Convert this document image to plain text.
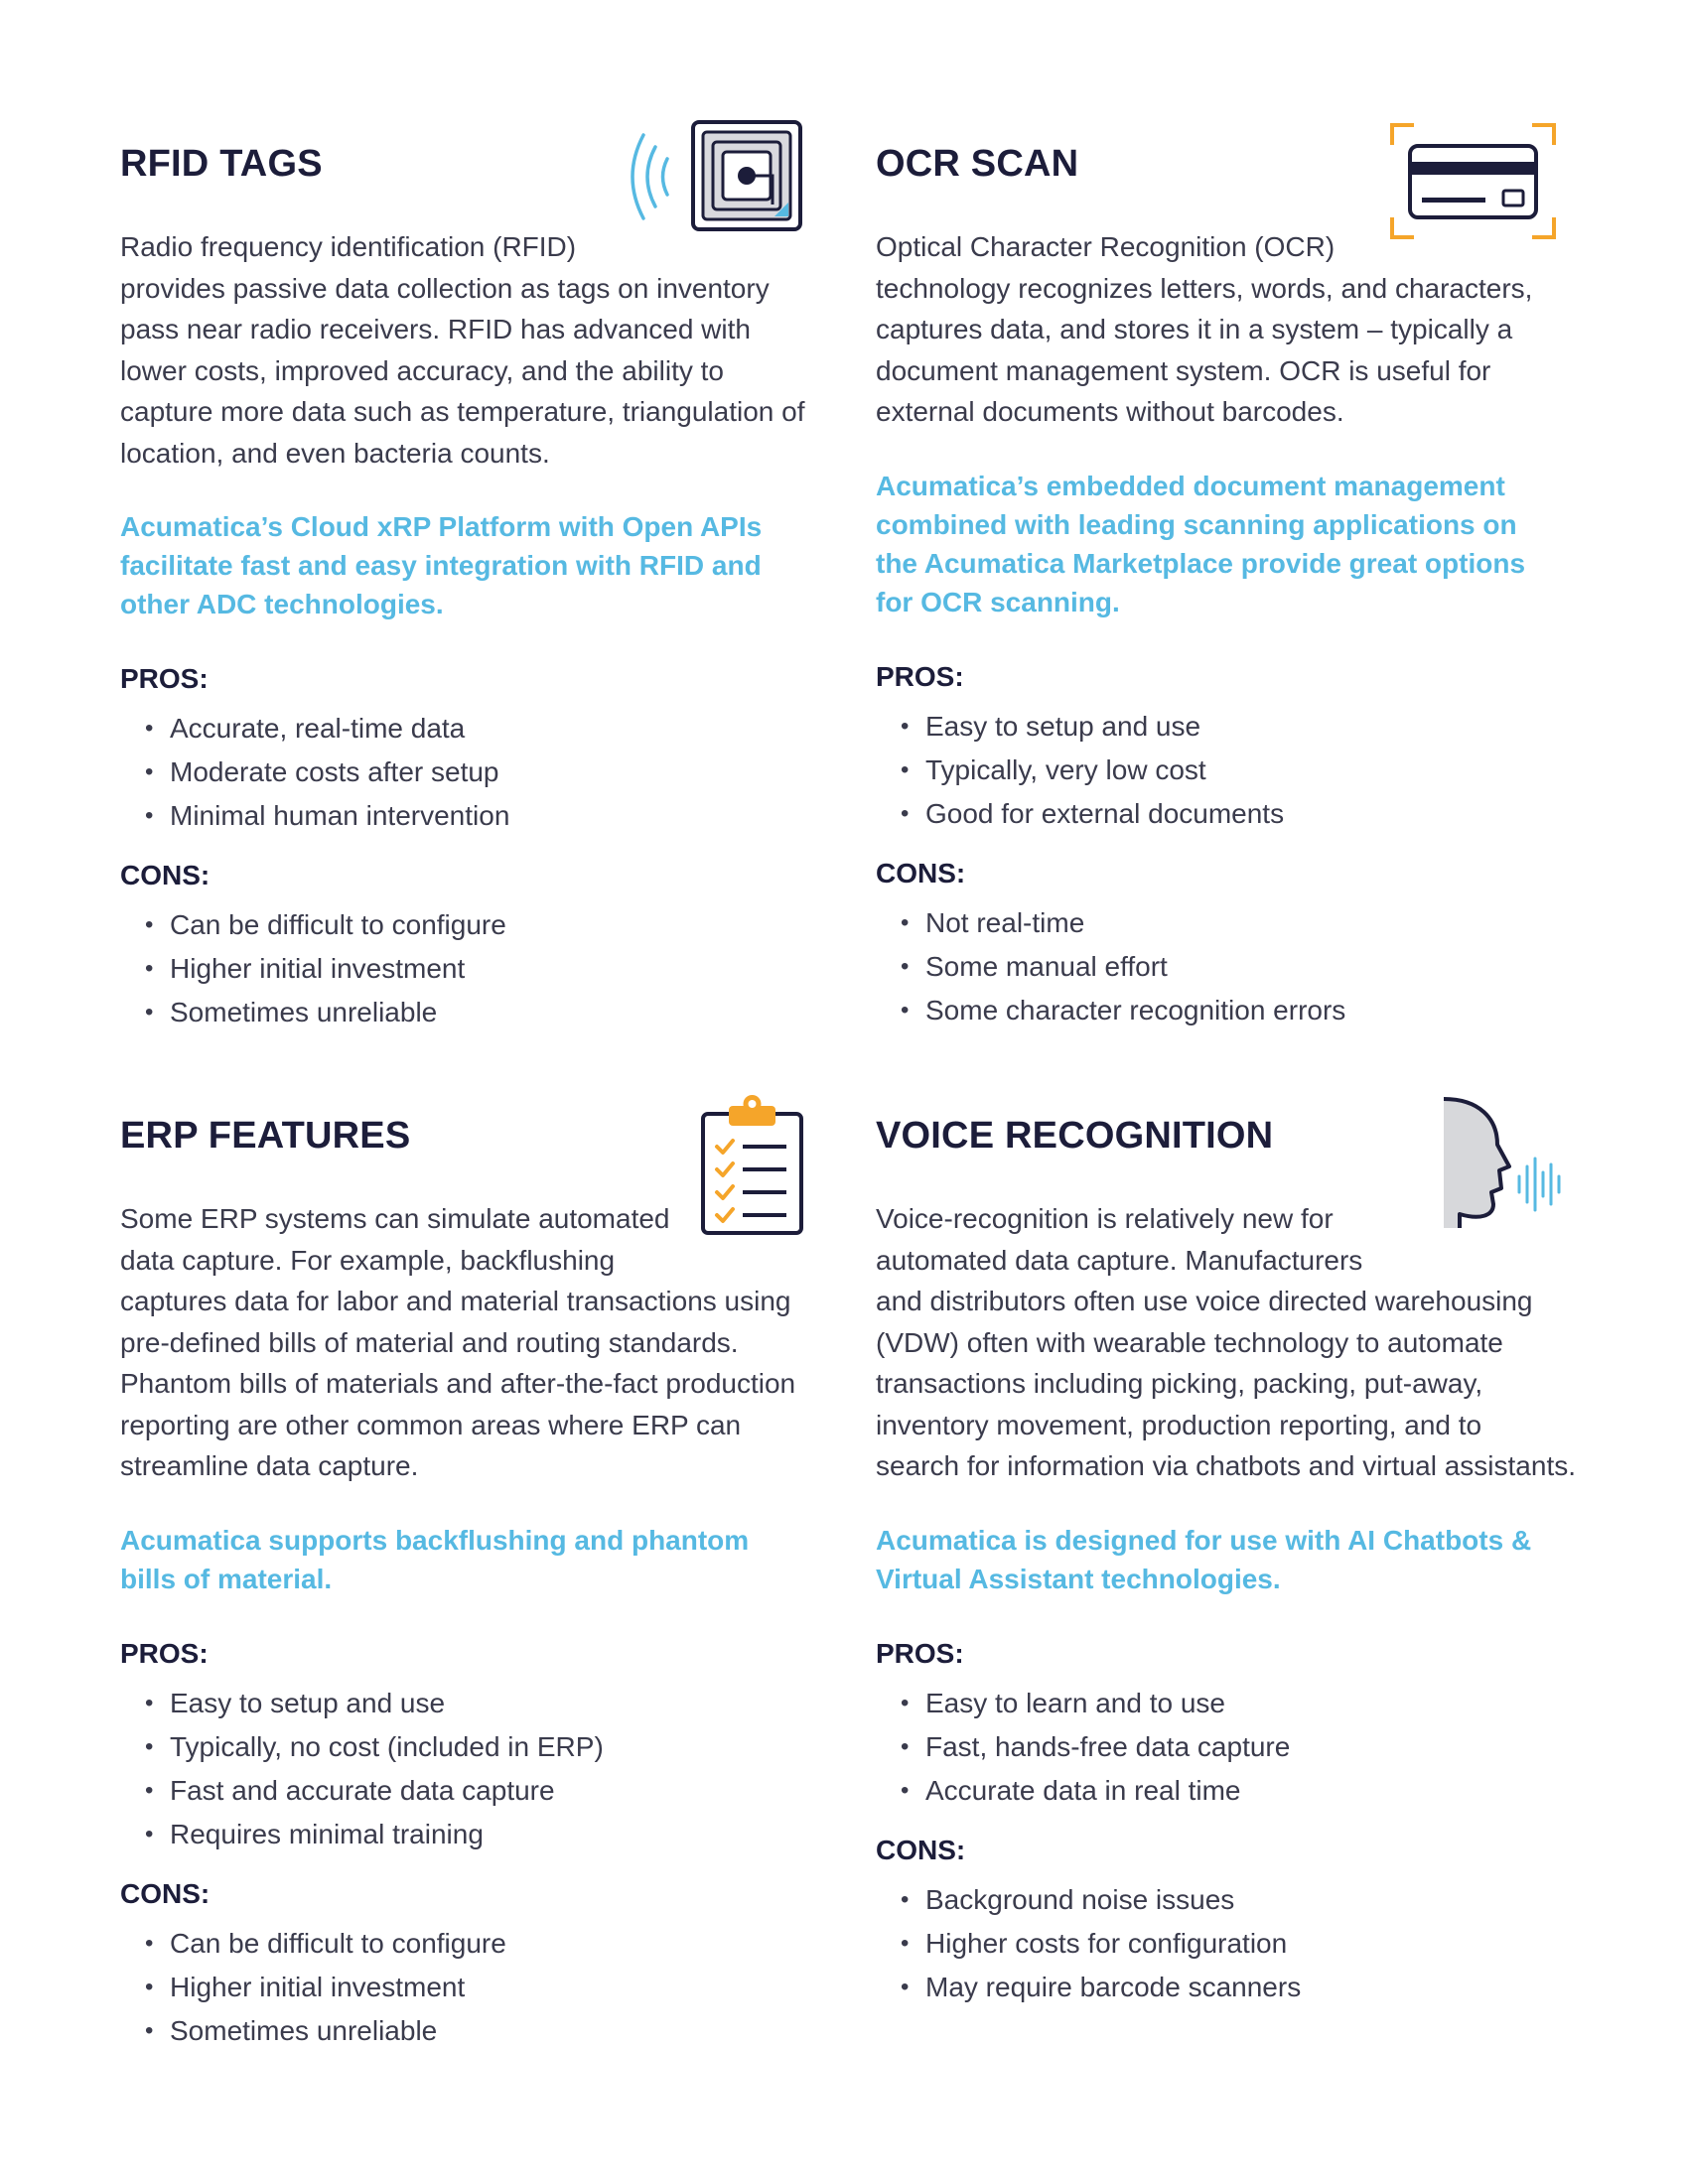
RFID TAGS

Radio frequency identification (RFID)
provides passive data collection as tags on inventory
pass near radio receivers. RFID has advanced with
lower costs, improved accuracy, and the ability to
capture more data such as temperature, triangulation of
location, and even bacteria counts.

Acumatica’s Cloud xRP Platform with Open APIs
facilitate fast and easy integration with RFID and
other ADC technologies.

PROS:
• Accurate, real-time data
• Moderate costs after setup
• Minimal human intervention
CONS:
• Can be difficult to configure
• Higher initial investment
• Sometimes unreliable
OCR SCAN

Optical Character Recognition (OCR)
technology recognizes letters, words, and characters,
captures data, and stores it in a system – typically a
document management system. OCR is useful for
external documents without barcodes.

Acumatica’s embedded document management
combined with leading scanning applications on
the Acumatica Marketplace provide great options
for OCR scanning.

PROS:
• Easy to setup and use
• Typically, very low cost
• Good for external documents
CONS:
• Not real-time
• Some manual effort
• Some character recognition errors
ERP FEATURES

Some ERP systems can simulate automated
data capture. For example, backflushing
captures data for labor and material transactions using
pre-defined bills of material and routing standards.
Phantom bills of materials and after-the-fact production
reporting are other common areas where ERP can
streamline data capture.

Acumatica supports backflushing and phantom
bills of material.

PROS:
• Easy to setup and use
• Typically, no cost (included in ERP)
• Fast and accurate data capture
• Requires minimal training
CONS:
• Can be difficult to configure
• Higher initial investment
• Sometimes unreliable
VOICE RECOGNITION

Voice-recognition is relatively new for
automated data capture. Manufacturers
and distributors often use voice directed warehousing
(VDW) often with wearable technology to automate
transactions including picking, packing, put-away,
inventory movement, production reporting, and to
search for information via chatbots and virtual assistants.

Acumatica is designed for use with AI Chatbots &
Virtual Assistant technologies.

PROS:
• Easy to learn and to use
• Fast, hands-free data capture
• Accurate data in real time
CONS:
• Background noise issues
• Higher costs for configuration
• May require barcode scanners
